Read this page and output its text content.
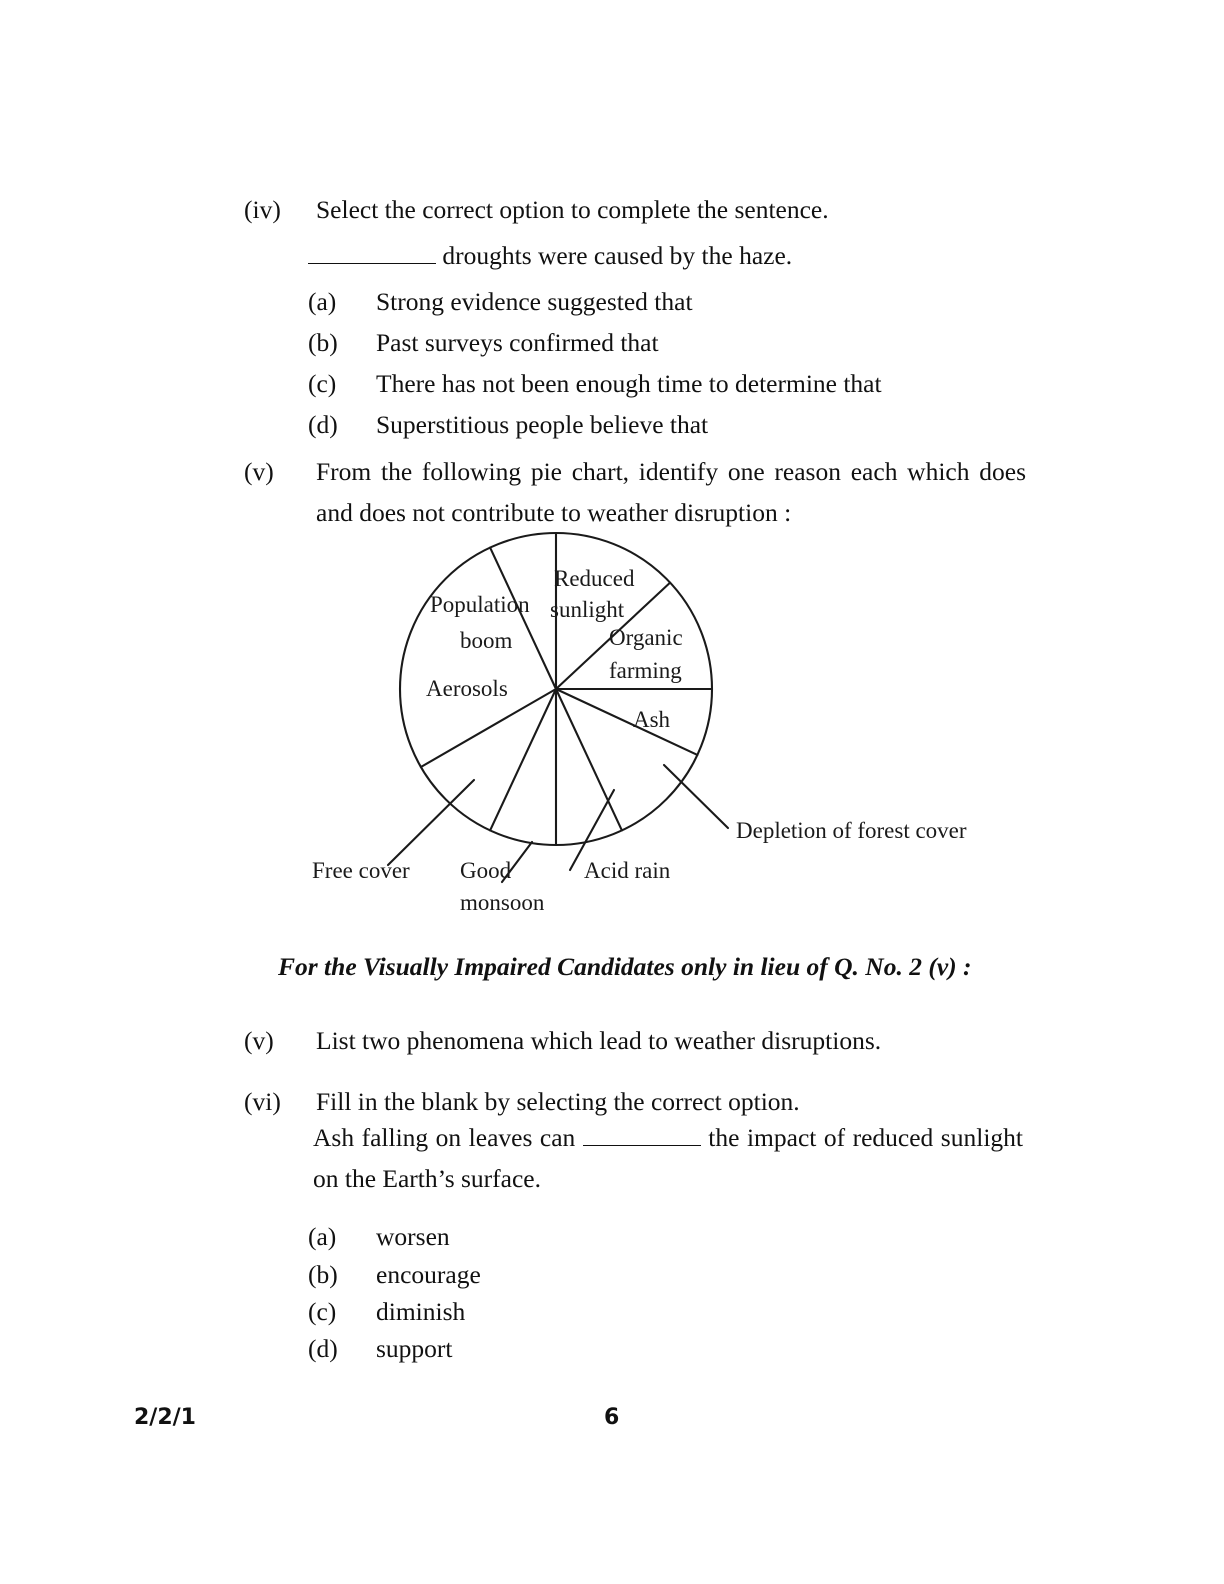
(iv)	Select the correct option to complete the sentence.
droughts were caused by the haze.
(a)	Strong evidence suggested that
(b)	Past surveys confirmed that
(c)	There has not been enough time to determine that
(d)	Superstitious people believe that
(v)	From the following pie chart, identify one reason each which does and does not contribute to weather disruption :
Reduced
sunlight
Population
boom	Organic
farming
Aerosols
Ash
Depletion of forest cover
Acid rain
Good
monsoon
Free cover
For the Visually Impaired Candidates only in lieu of Q. No. 2 (v) :
(v)	List two phenomena which lead to weather disruptions.
(vi)	Fill in the blank by selecting the correct option.
Ash falling on leaves can	the impact of reduced sunlight on the Earth’s surface.
(a)	worsen
(b)	encourage
(c)	diminish
(d)	support
2/2/1	6
